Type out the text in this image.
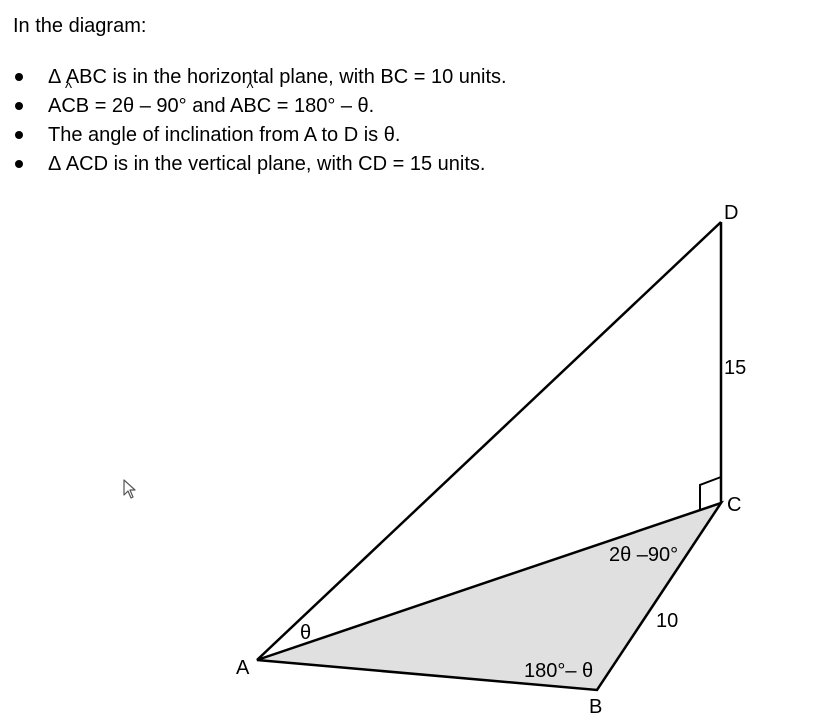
In the diagram:
Δ ABC is in the horizontal plane, with BC = 10 units.
A^ CB = 2θ – 90° and A^ BC = 180° – θ.
The angle of inclination from A to D is θ.
Δ ACD is in the vertical plane, with CD = 15 units.
D
C
A
B
15
10
θ
2θ –90°
180°– θ
